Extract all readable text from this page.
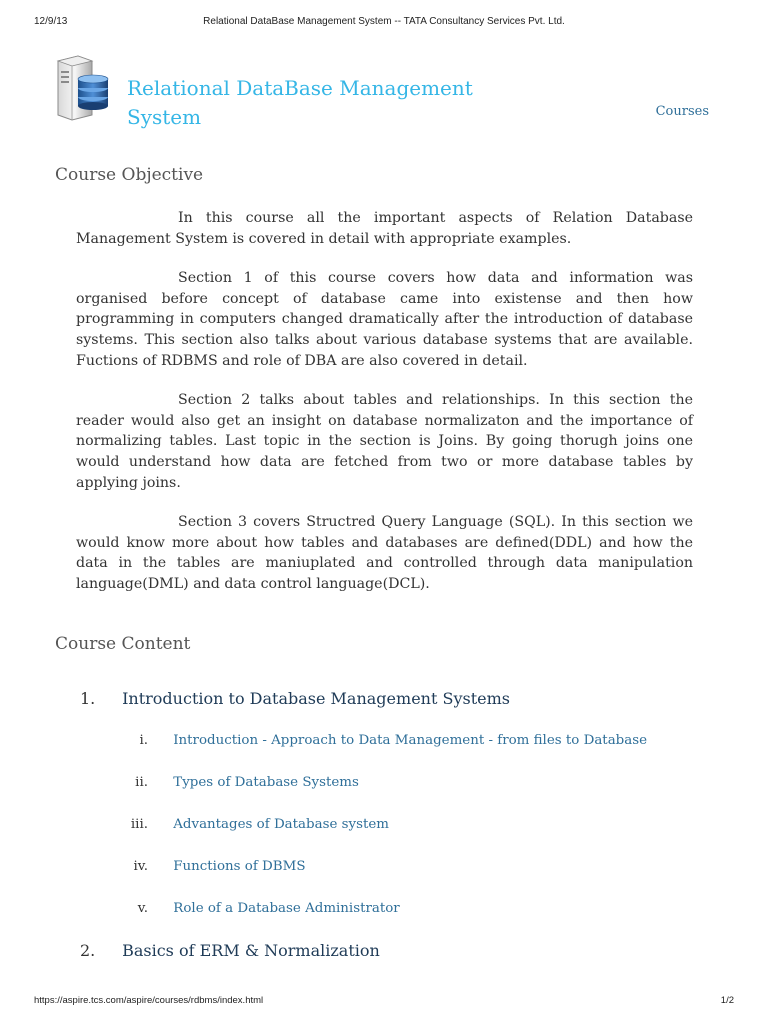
12/9/13	Relational DataBase Management System -- TATA Consultancy Services Pvt. Ltd.
Relational DataBase Management
System	Courses
Course Objective

In this course all the important aspects of Relation Database Management System is covered in detail with appropriate examples.

Section 1 of this course covers how data and information was organised before concept of database came into existense and then how programming in computers changed dramatically after the introduction of database systems. This section also talks about various database systems that are available. Fuctions of RDBMS and role of DBA are also covered in detail.

Section 2 talks about tables and relationships. In this section the reader would also get an insight on database normalizaton and the importance of normalizing tables. Last topic in the section is Joins. By going thorugh joins one would understand how data are fetched from two or more database tables by applying joins.

Section 3 covers Structred Query Language (SQL). In this section we would know more about how tables and databases are defined(DDL) and how the data in the tables are maniuplated and controlled through data manipulation language(DML) and data control language(DCL).

Course Content
1. Introduction to Database Management Systems
i. Introduction - Approach to Data Management - from files to Database
ii. Types of Database Systems
iii. Advantages of Database system
iv. Functions of DBMS
v. Role of a Database Administrator
2. Basics of ERM & Normalization
https://aspire.tcs.com/aspire/courses/rdbms/index.html	1/2
